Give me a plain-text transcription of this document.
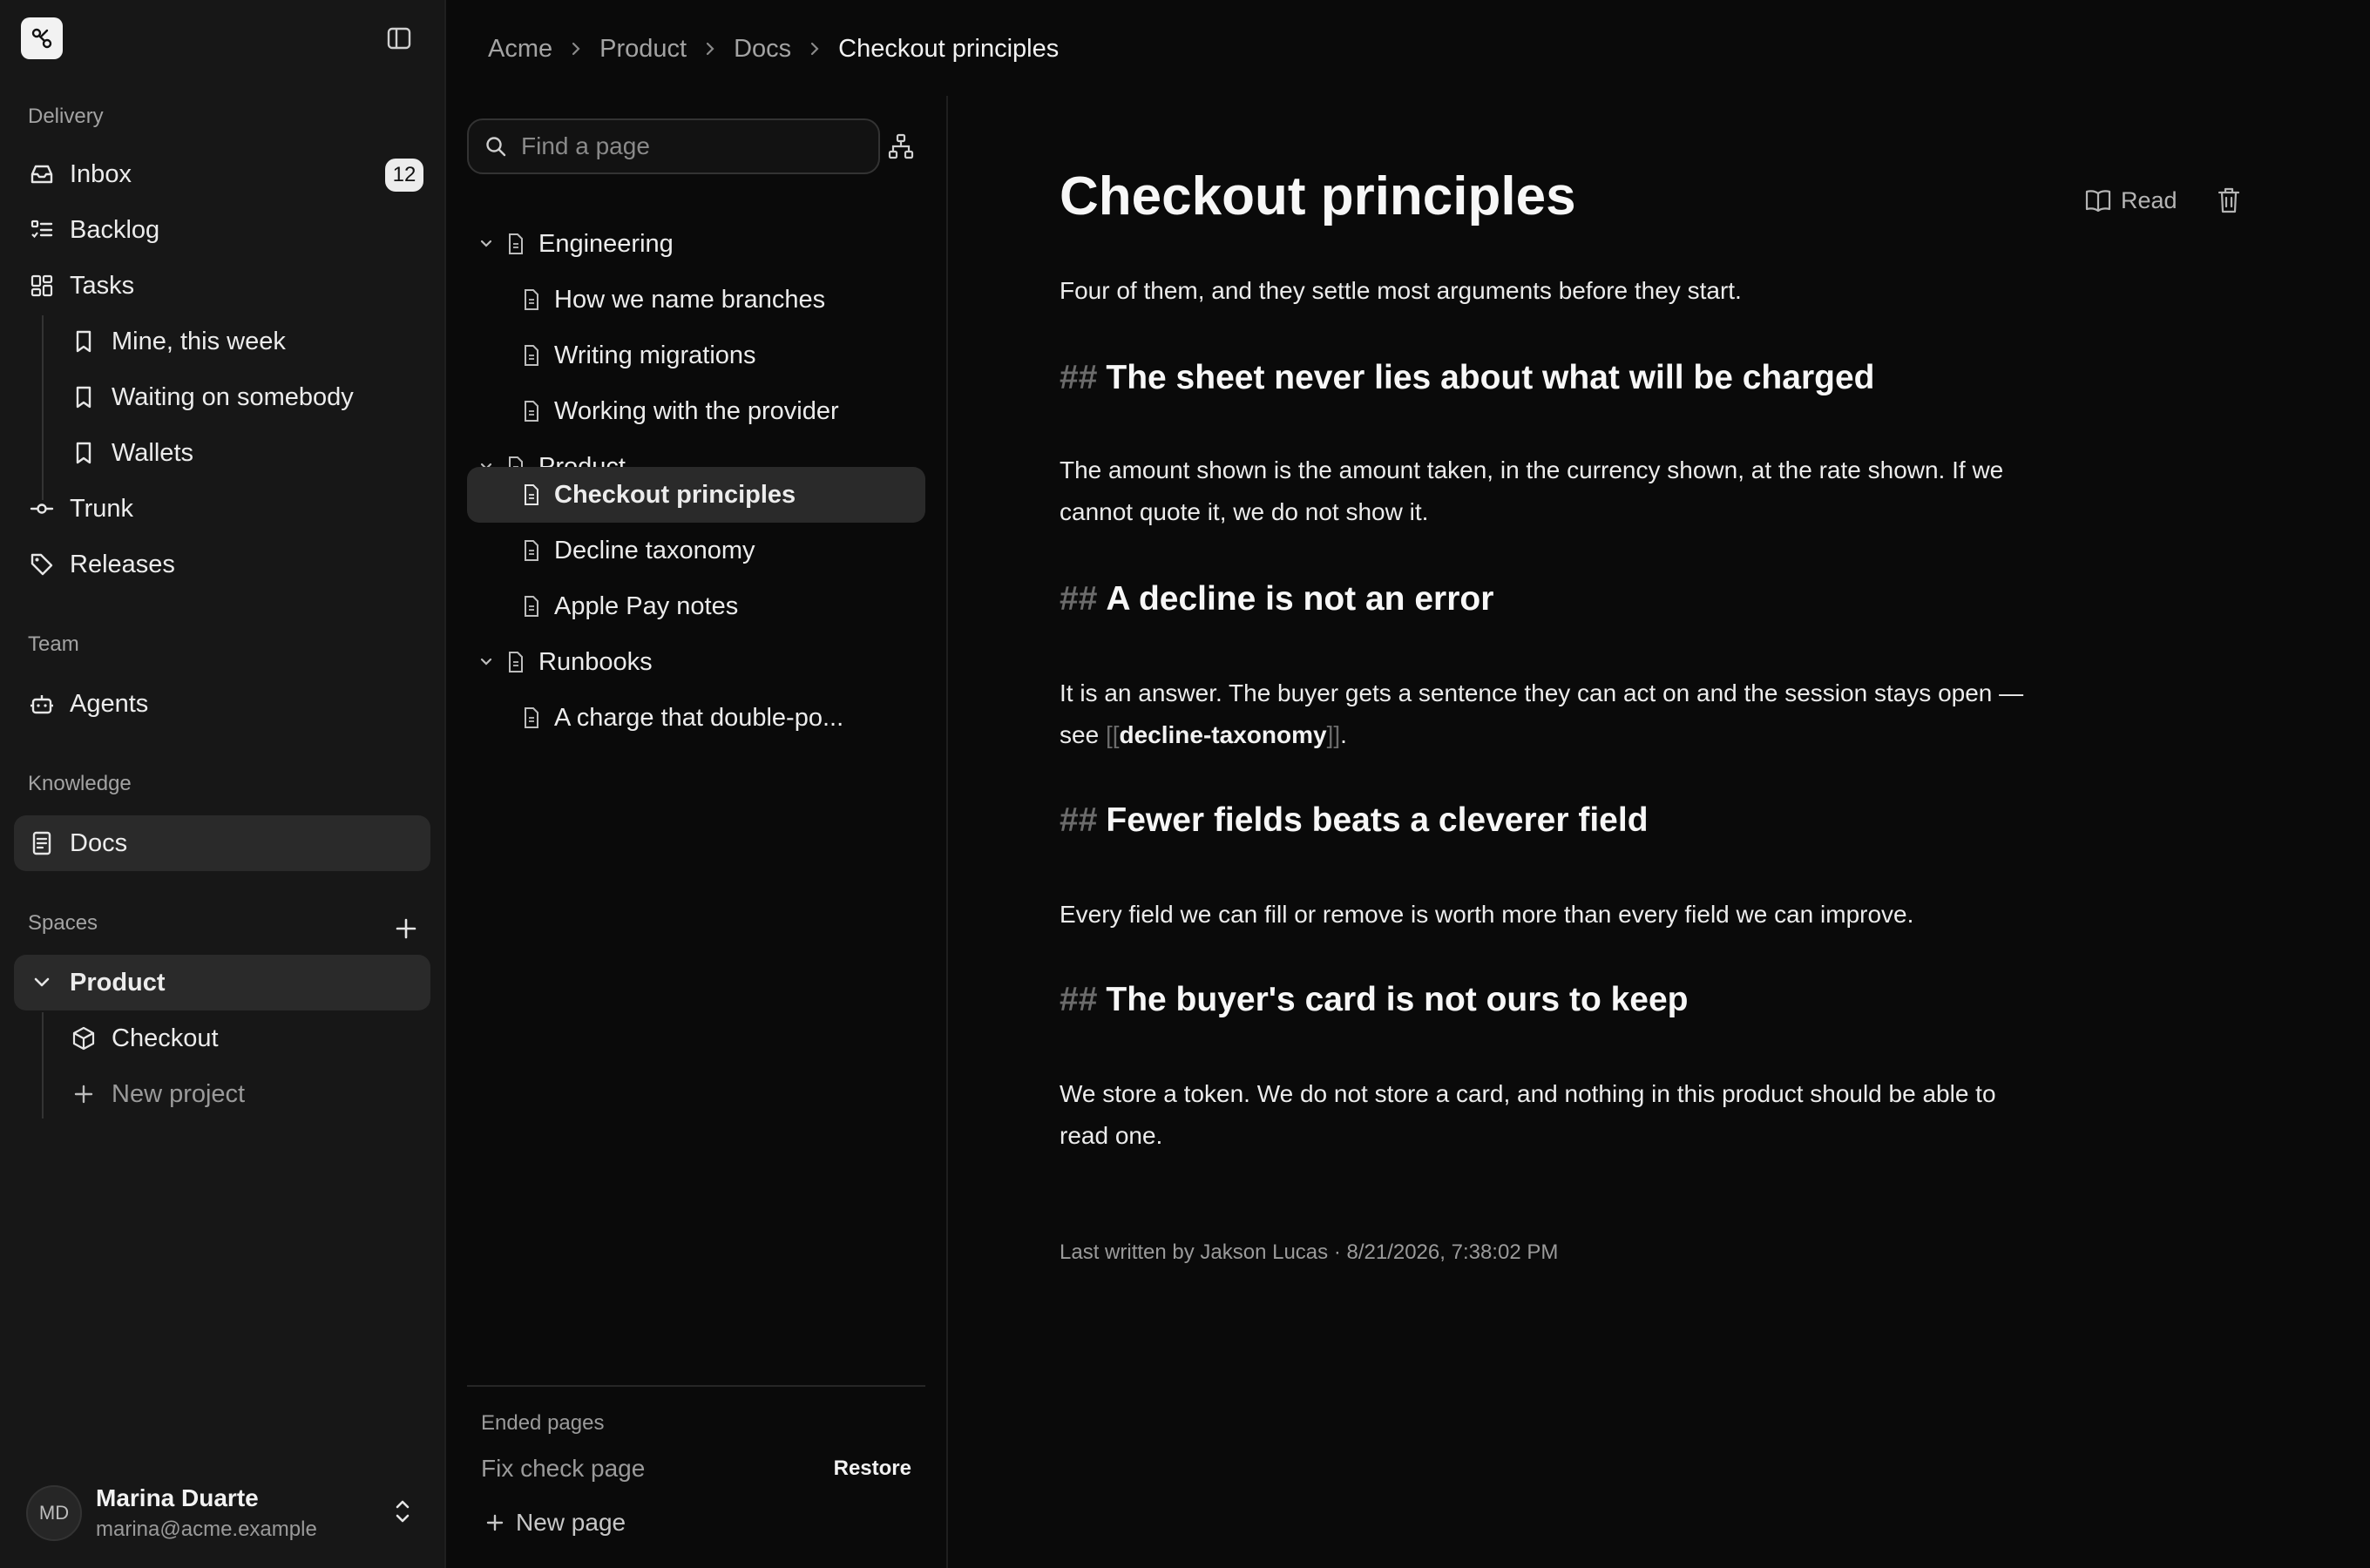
Delivery
Inbox	12
Backlog
Tasks
Mine, this week
Waiting on somebody
Wallets
Trunk
Releases
Team
Agents
Knowledge
Docs
Spaces
Product
Checkout
New project
MD
Marina Duarte
marina@acme.example
Acme Product Docs Checkout principles
Find a page
Engineering
How we name branches
Writing migrations
Working with the provider
Checkout principles
Decline taxonomy
Apple Pay notes
Runbooks
A charge that double-po...
Ended pages
Fix check page	Restore
New page
Checkout principles	Read
Four of them, and they settle most arguments before they start.
## The sheet never lies about what will be charged
The amount shown is the amount taken, in the currency shown, at the rate shown. If we cannot quote it, we do not show it.
## A decline is not an error
It is an answer. The buyer gets a sentence they can act on and the session stays open — see [[decline-taxonomy]].
## Fewer fields beats a cleverer field
Every field we can fill or remove is worth more than every field we can improve.
## The buyer's card is not ours to keep
We store a token. We do not store a card, and nothing in this product should be able to read one.
Last written by Jakson Lucas · 8/21/2026, 7:38:02 PM
